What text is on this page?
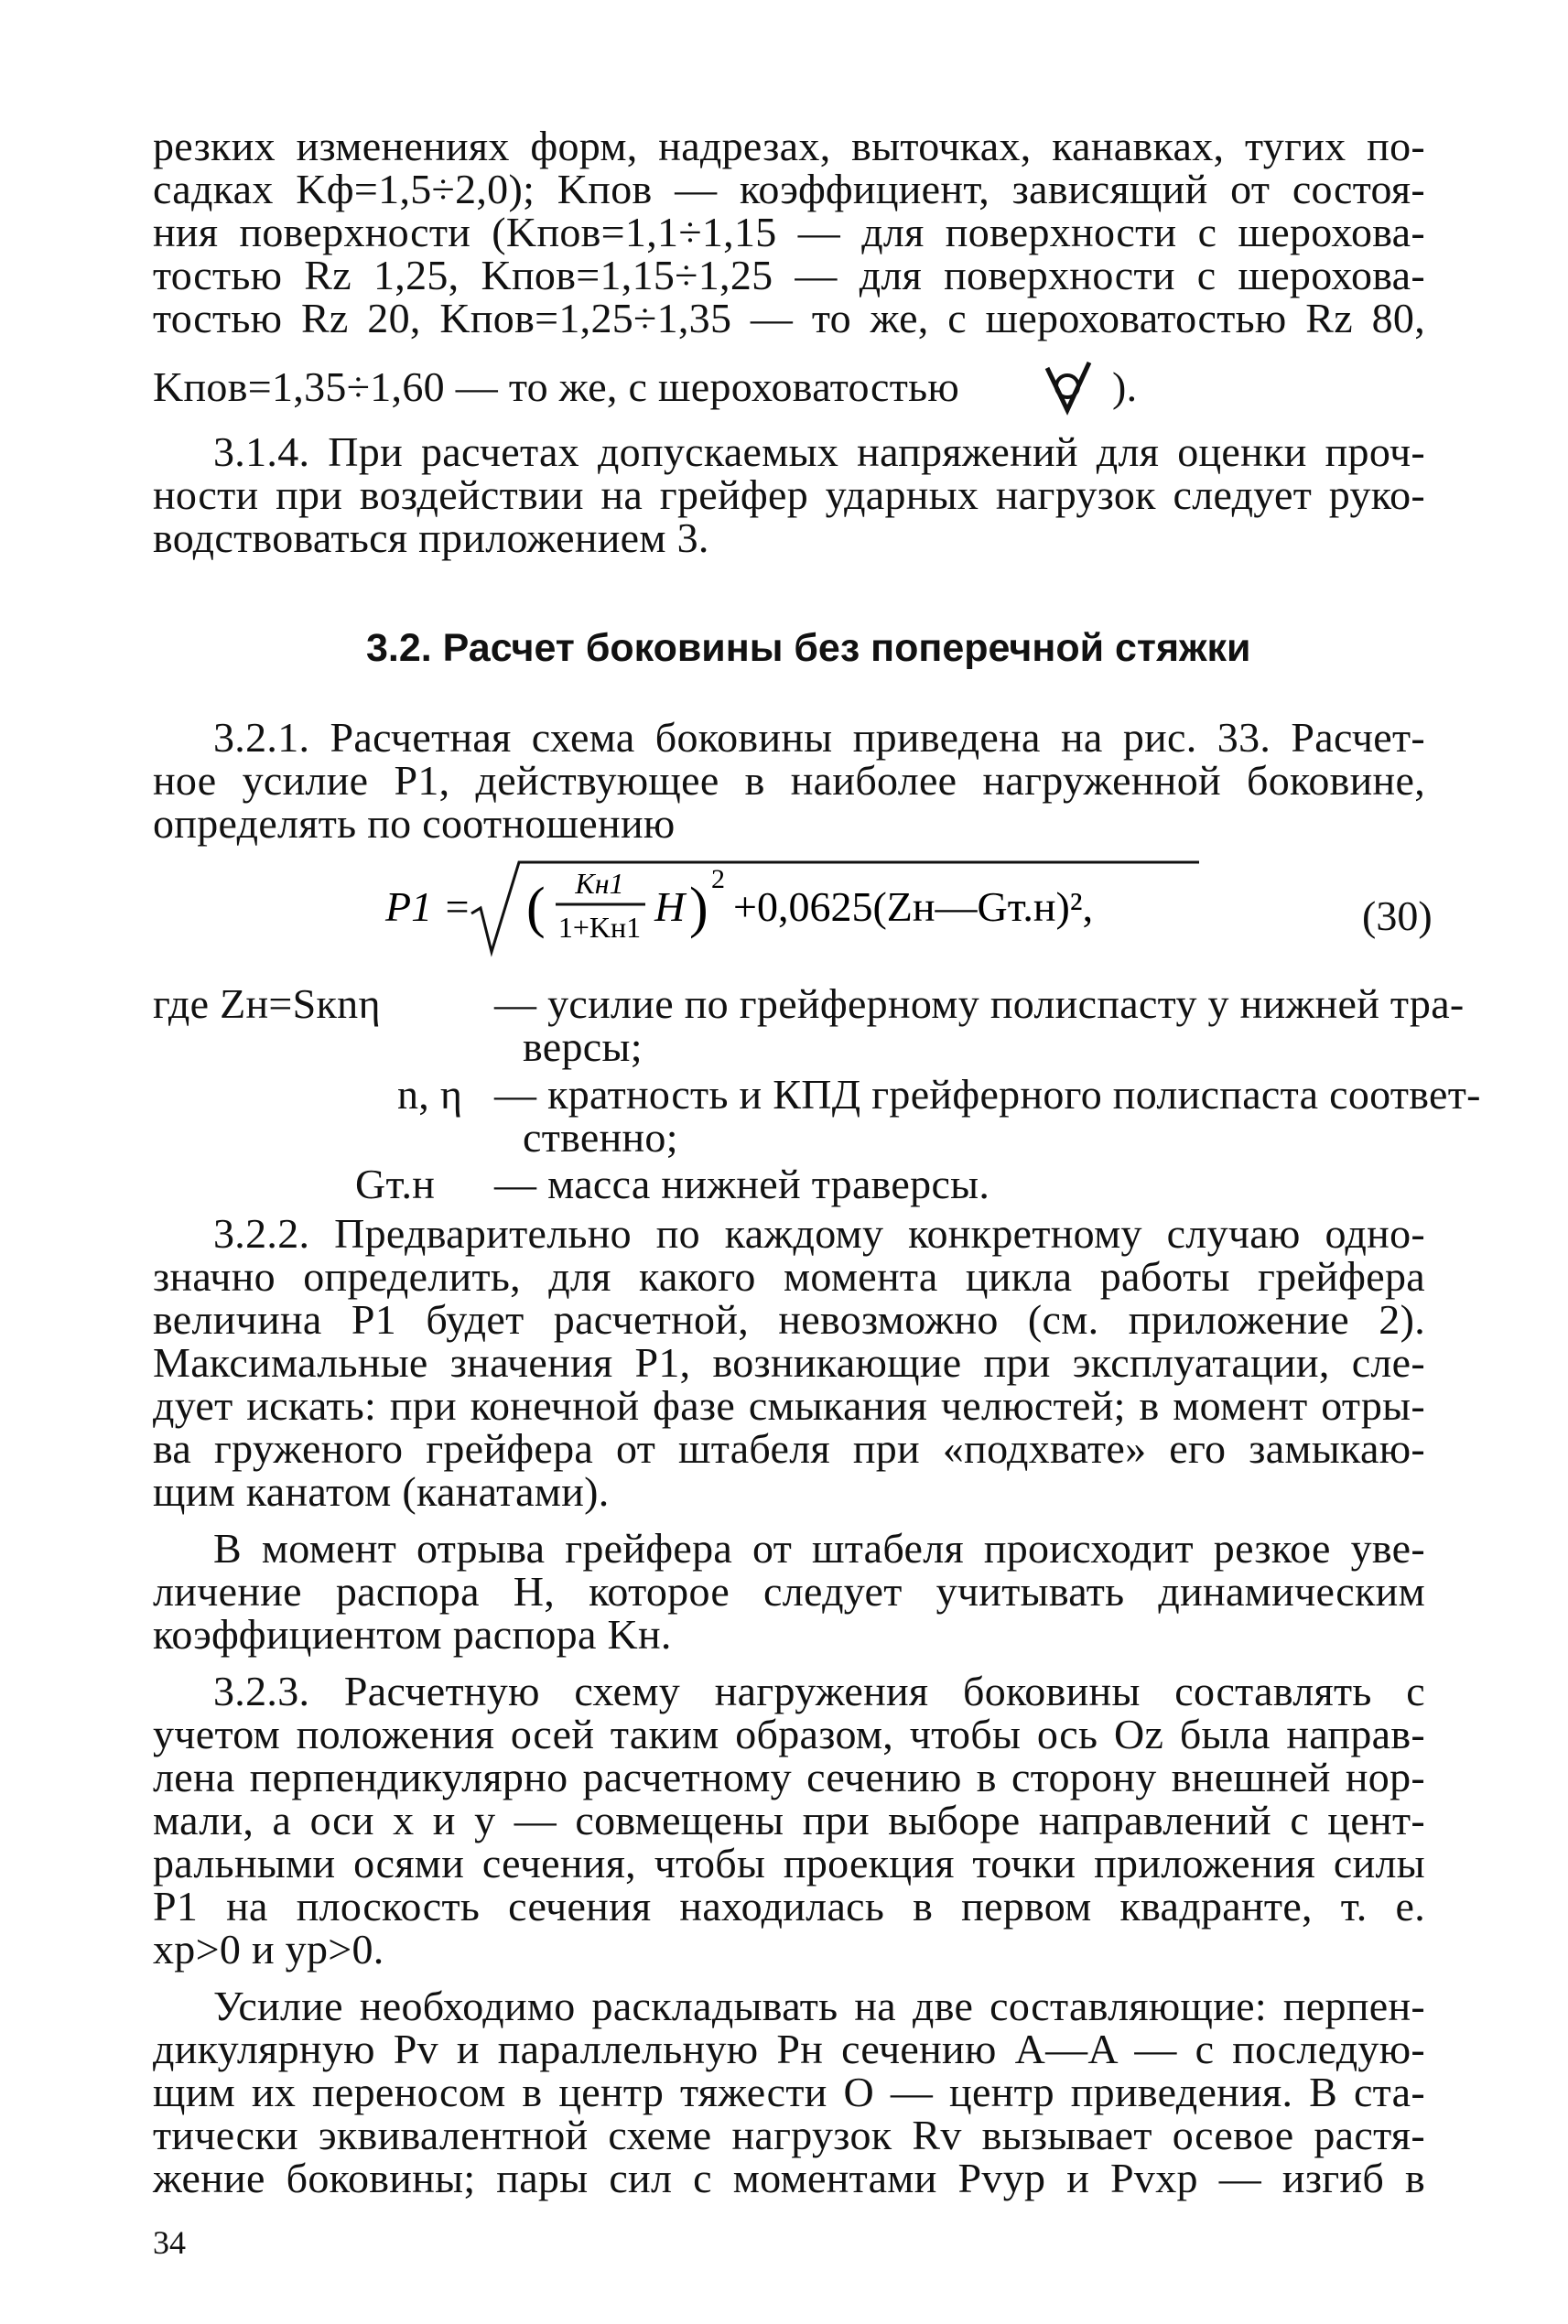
резких изменениях форм, надрезах, выточках, канавках, тугих по-
садках Kф=1,5÷2,0); Kпов — коэффициент, зависящий от состоя-
ния поверхности (Kпов=1,1÷1,15 — для поверхности с шерохова-
тостью Rz 1,25, Kпов=1,15÷1,25 — для поверхности с шерохова-
тостью Rz 20, Kпов=1,25÷1,35 — то же, с шероховатостью Rz 80,
Kпов=1,35÷1,60 — то же, с шероховатостью	).
3.1.4. При расчетах допускаемых напряжений для оценки проч-
ности при воздействии на грейфер ударных нагрузок следует руко-
водствоваться приложением 3.
3.2. Расчет боковины без поперечной стяжки
3.2.1. Расчетная схема боковины приведена на рис. 33. Расчет-
ное усилие P1, действующее в наиболее нагруженной боковине,
определять по соотношению
P1 = ( Kн1
1+Kн1 H ) 2
+0,0625(Zн—Gт.н)²,	(30)
где Zн=Sкnη	— усилие по грейферному полиспасту у нижней тра-
версы;
n, η — кратность и КПД грейферного полиспаста соответ-
ственно;
Gт.н — масса нижней траверсы.
3.2.2. Предварительно по каждому конкретному случаю одно-
значно определить, для какого момента цикла работы грейфера
величина P1 будет расчетной, невозможно (см. приложение 2).
Максимальные значения P1, возникающие при эксплуатации, сле-
дует искать: при конечной фазе смыкания челюстей; в момент отры-
ва груженого грейфера от штабеля при «подхвате» его замыкаю-
щим канатом (канатами).
В момент отрыва грейфера от штабеля происходит резкое уве-
личение распора H, которое следует учитывать динамическим
коэффициентом распора Kн.
3.2.3. Расчетную схему нагружения боковины составлять с
учетом положения осей таким образом, чтобы ось Oz была направ-
лена перпендикулярно расчетному сечению в сторону внешней нор-
мали, а оси x и y — совмещены при выборе направлений с цент-
ральными осями сечения, чтобы проекция точки приложения силы
P1 на плоскость сечения находилась в первом квадранте, т. е.
xp>0 и yp>0.
Усилие необходимо раскладывать на две составляющие: перпен-
дикулярную Pv и параллельную Pн сечению A—A — с последую-
щим их переносом в центр тяжести O — центр приведения. В ста-
тически эквивалентной схеме нагрузок Rv вызывает осевое растя-
жение боковины; пары сил с моментами Pvyp и Pvxp — изгиб в
34
